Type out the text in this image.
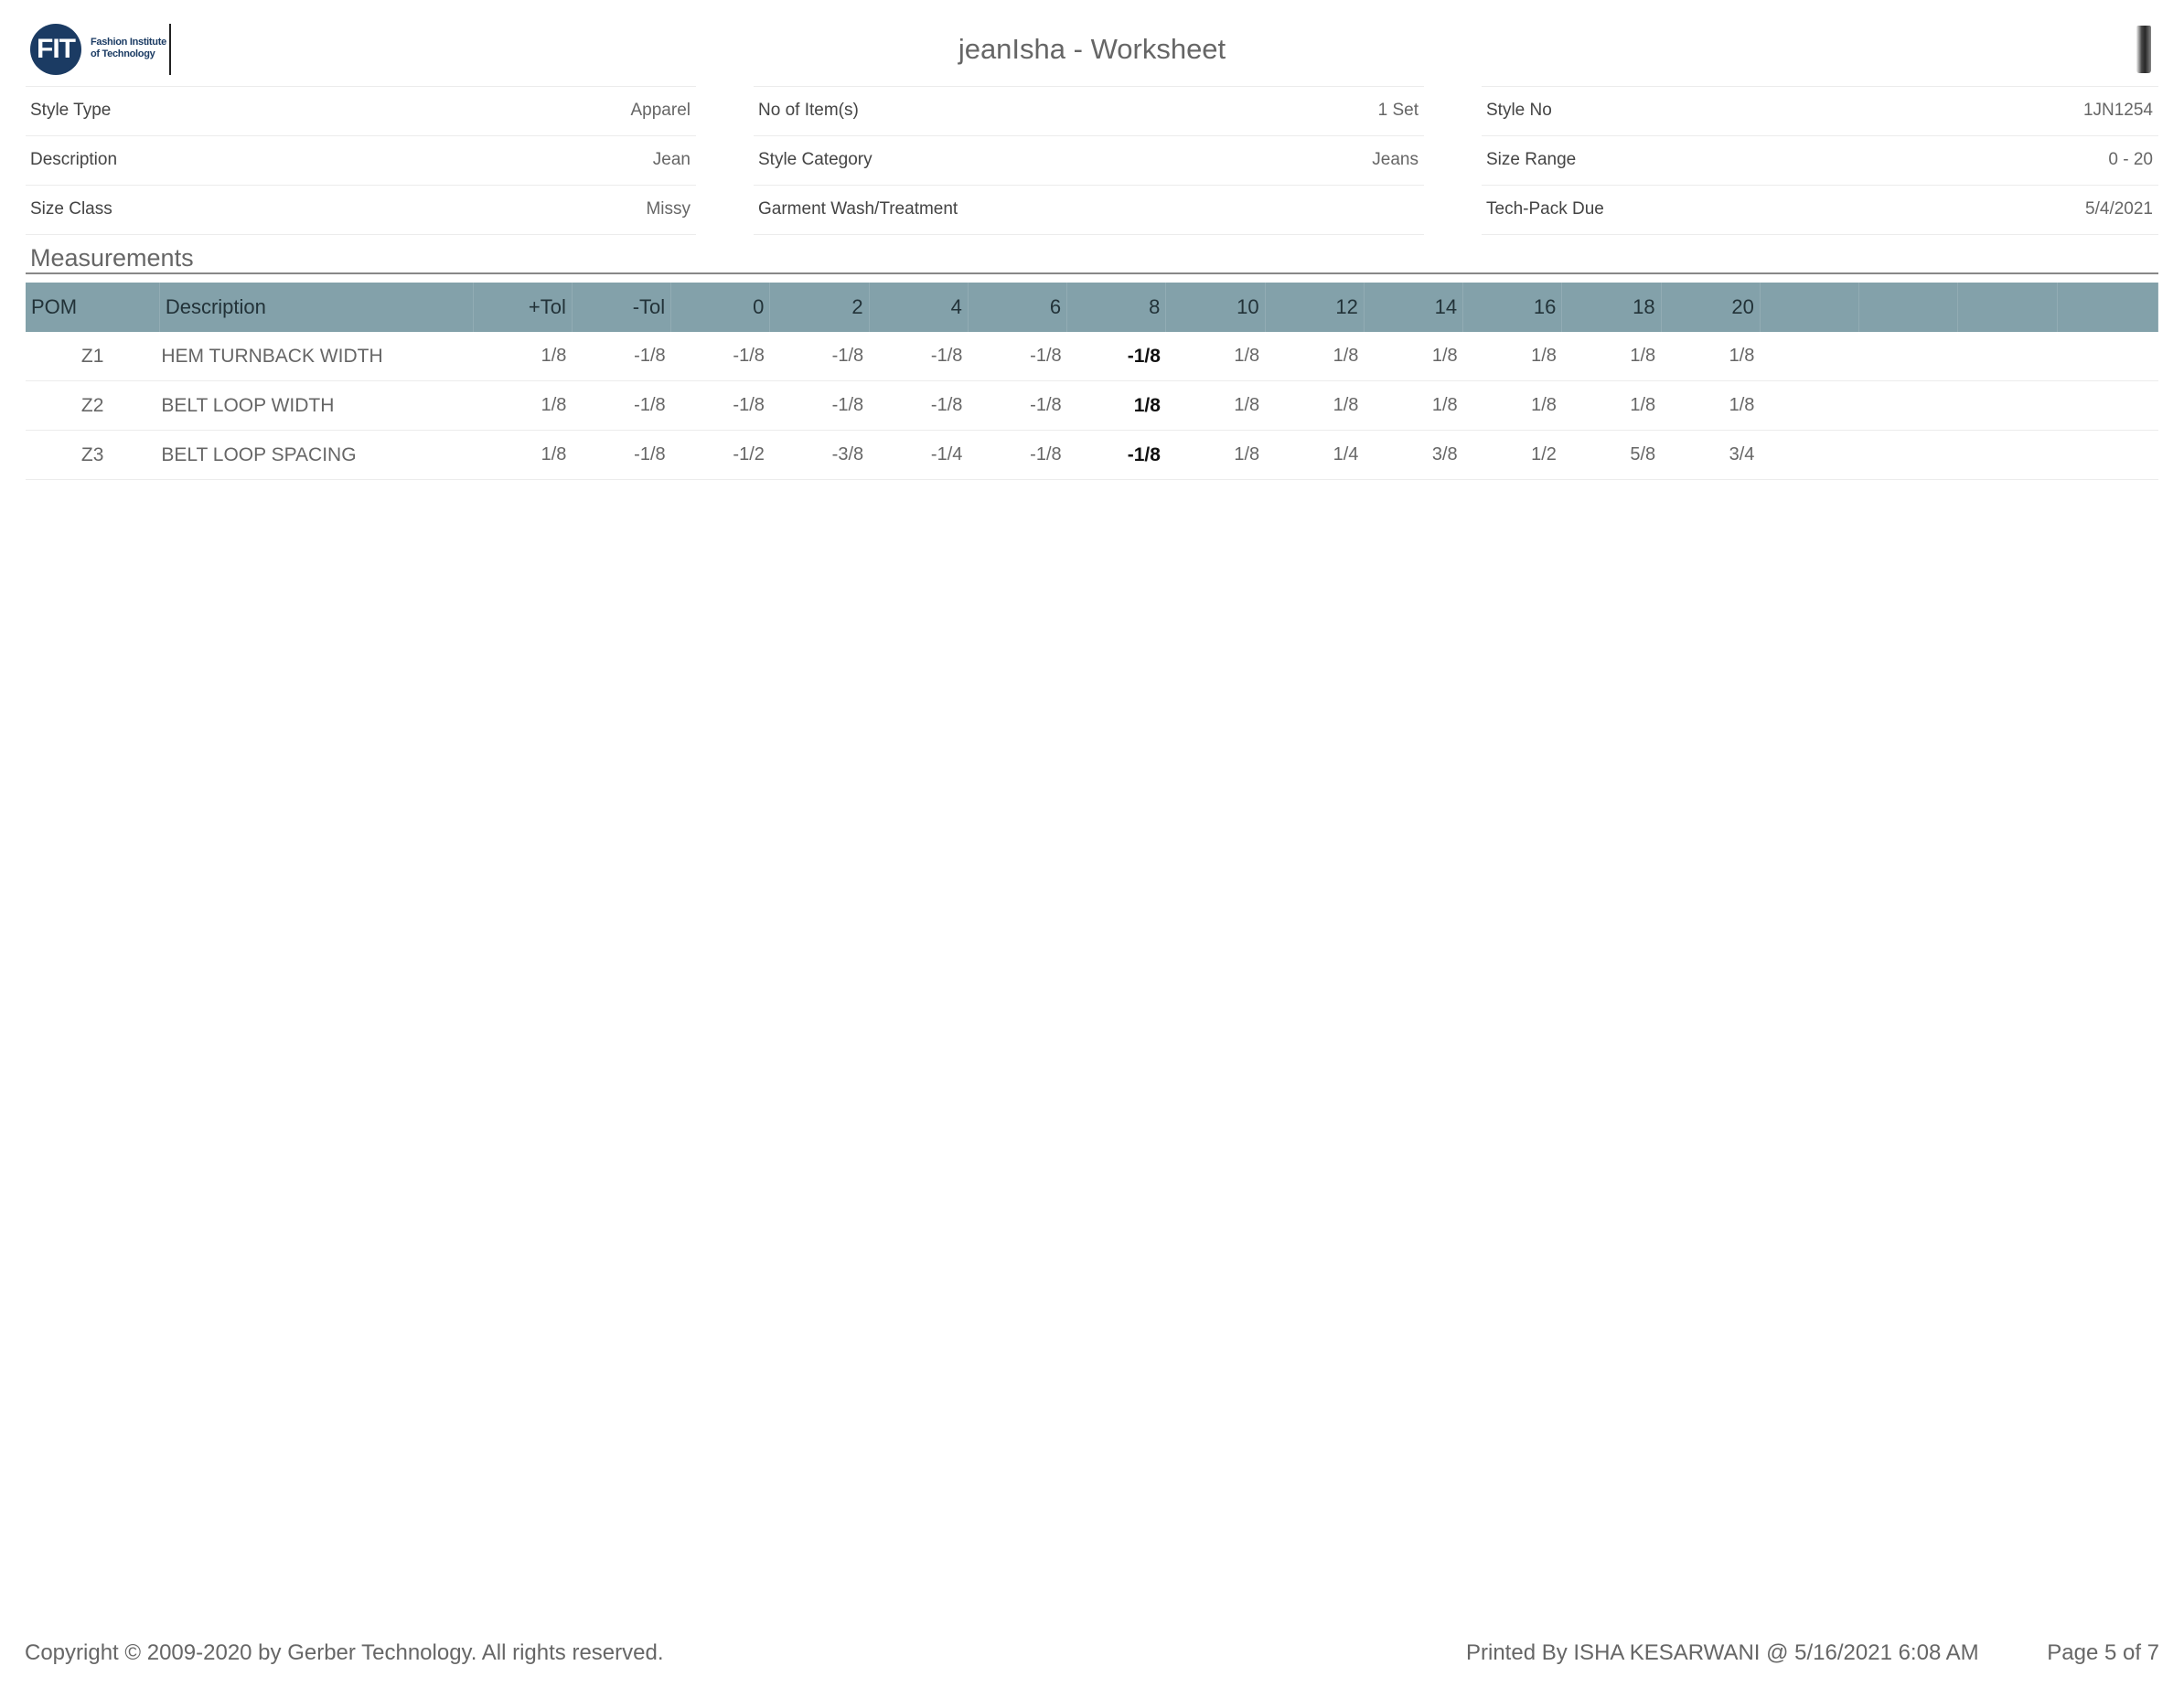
FIT	Fashion Institute of Technology	jeanIsha - Worksheet
Style Type	Apparel
Description	Jean
Size Class	Missy
No of Item(s)	1 Set
Style Category	Jeans
Garment Wash/Treatment
Style No	1JN1254
Size Range	0 - 20
Tech-Pack Due	5/4/2021
Measurements
POM	Description	+Tol	-Tol	0	2	4	6	8	10	12	14	16	18	20				
Z1	HEM TURNBACK WIDTH	1/8	-1/8	-1/8	-1/8	-1/8	-1/8	-1/8	1/8	1/8	1/8	1/8	1/8	1/8				
Z2	BELT LOOP WIDTH	1/8	-1/8	-1/8	-1/8	-1/8	-1/8	1/8	1/8	1/8	1/8	1/8	1/8	1/8				
Z3	BELT LOOP SPACING	1/8	-1/8	-1/2	-3/8	-1/4	-1/8	-1/8	1/8	1/4	3/8	1/2	5/8	3/4				
Copyright © 2009-2020 by Gerber Technology. All rights reserved.	Printed By ISHA KESARWANI @ 5/16/2021 6:08 AM	Page 5 of 7
